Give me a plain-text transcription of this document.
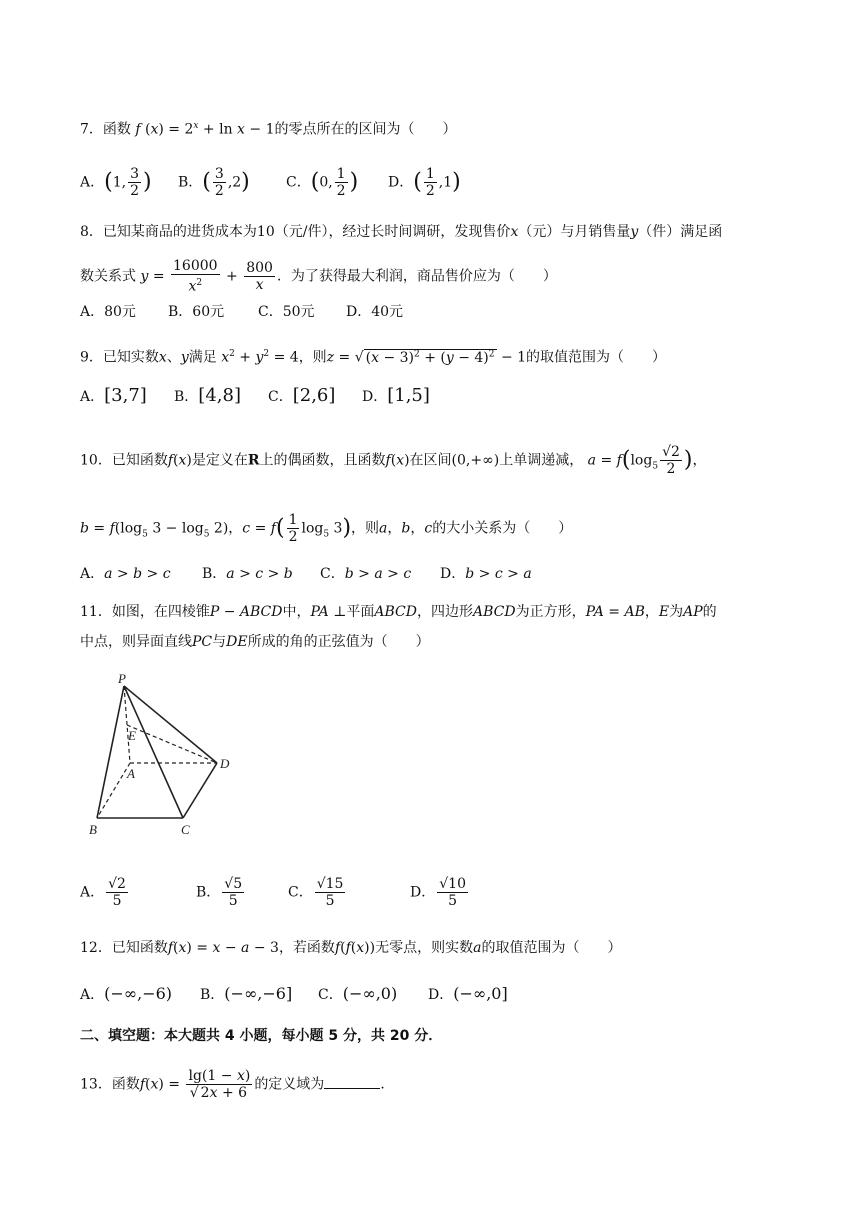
7．函数 f $(x) = 2^x + \ln x - 1$的零点所在的区间为（　　）
A．(1, $\frac{3}{2}$ ) B．( $\frac{3}{2} ,2$)	C．(0, $\frac{1}{2}$ ) D．( $\frac{1}{2} ,1$)
8．已知某商品的进货成本为10（元/件），经过长时间调研，发现售价x（元）与月销售量y（件）满足函
数关系式 $y = \frac{16000}{x^2} + \frac{800}{x}$ ．为了获得最大利润，商品售价应为（　　）
A．80元 B．60元 C．50元 D．40元
9．已知实数x、y满足 $x^2 + y^2 = 4$，则z = √ $(x - 3)^2 + (y - 4)^2 - 1$的取值范围为（　　）
A．[3,7] B．[4,8] C．[2,6] D．[1,5]
10．已知函数f(x)是定义在R上的偶函数，且函数f(x)在区间(0,+∞)上单调递减， $a = f(\log_5 \frac{√2}{2}$ )，
$b = f(\log_5$ $3 - \log_5 2$)，$c = f( \frac{1}{2} \log_5 3)$，则a，b，c的大小关系为（　　）
A．a > b > c B．a > c > b C．b > a > c D．b > c > a
11．如图，在四棱锥P − ABCD中，PA ⊥平面ABCD，四边形ABCD为正方形，PA = AB，E为AP的
中点，则异面直线PC与DE所成的角的正弦值为（　　）
P
E
A
D
B	C
A． $\frac{√2}{5}$	B． $\frac{√5}{5}$	C． $\frac{√15}{5}$	D． $\frac{√10}{5}$
12．已知函数f(x) = x − a − 3，若函数f(f(x))无零点，则实数a的取值范围为（　　）
A．(−∞,−6) B．(−∞,−6] C．(−∞,0) D．(−∞,0]
二、填空题：本大题共 4 小题，每小题 5 分，共 20 分．
13．函数$f(x) = \frac{\lg(1 - x)}{√ 2x + 6}$ 的定义域为	．
